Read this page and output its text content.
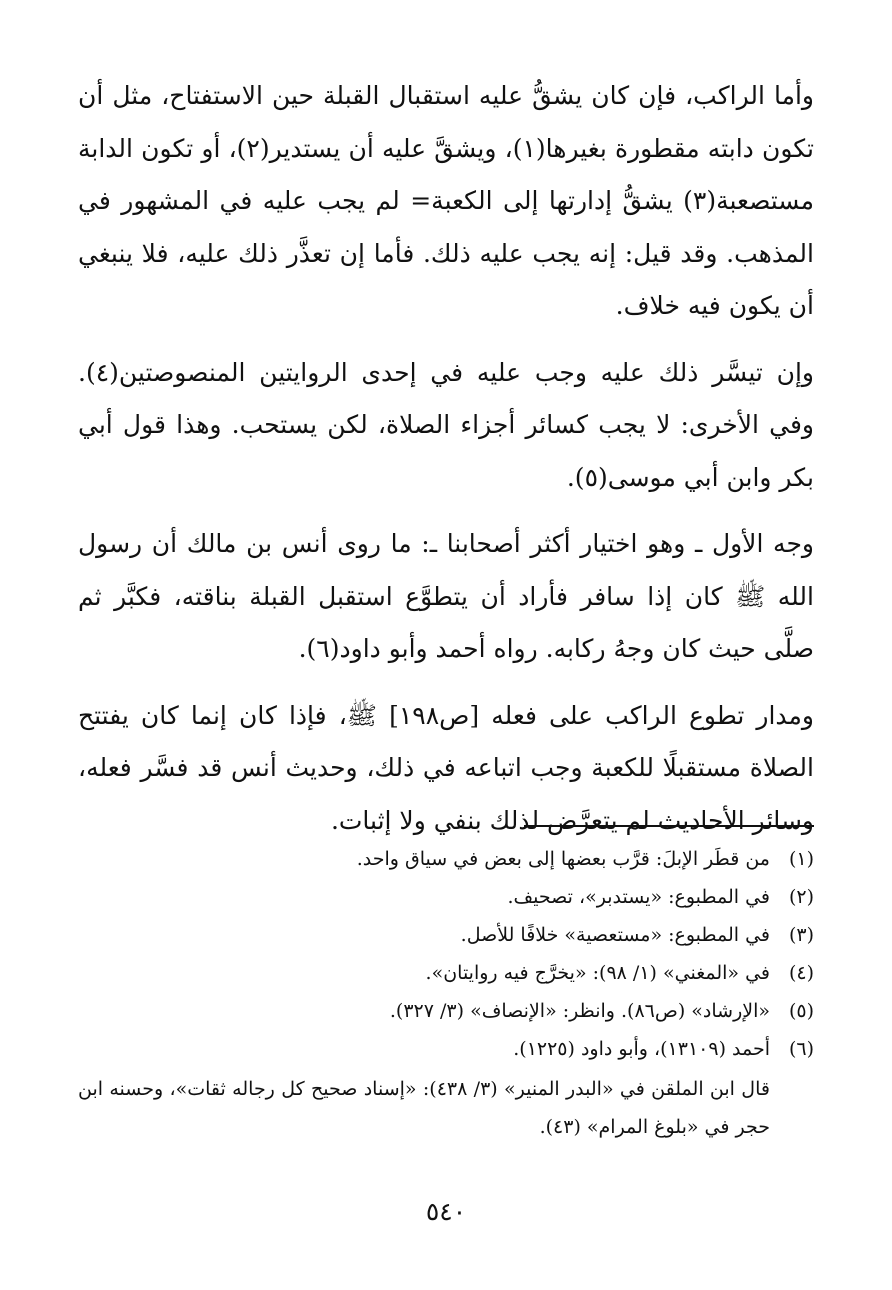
وأما الراكب، فإن كان يشقُّ عليه استقبال القبلة حين الاستفتاح، مثل أن تكون دابته مقطورة بغيرها(١)، ويشقَّ عليه أن يستدير(٢)، أو تكون الدابة مستصعبة(٣) يشقُّ إدارتها إلى الكعبة= لم يجب عليه في المشهور في المذهب. وقد قيل: إنه يجب عليه ذلك. فأما إن تعذَّر ذلك عليه، فلا ينبغي أن يكون فيه خلاف.

وإن تيسَّر ذلك عليه وجب عليه في إحدى الروايتين المنصوصتين(٤). وفي الأخرى: لا يجب كسائر أجزاء الصلاة، لكن يستحب. وهذا قول أبي بكر وابن أبي موسى(٥).

وجه الأول ـ وهو اختيار أكثر أصحابنا ـ: ما روى أنس بن مالك أن رسول الله ﷺ كان إذا سافر فأراد أن يتطوَّع استقبل القبلة بناقته، فكبَّر ثم صلَّى حيث كان وجهُ ركابه. رواه أحمد وأبو داود(٦).

ومدار تطوع الراكب على فعله [ص١٩٨] ﷺ، فإذا كان إنما كان يفتتح الصلاة مستقبلًا للكعبة وجب اتباعه في ذلك، وحديث أنس قد فسَّر فعله، وسائر الأحاديث لم يتعرَّض لذلك بنفي ولا إثبات.

(١)من قطَر الإبلَ: قرَّب بعضها إلى بعض في سياق واحد.

(٢)في المطبوع: «يستدبر»، تصحيف.

(٣)في المطبوع: «مستعصية» خلافًا للأصل.

(٤)في «المغني» (١/ ٩٨): «يخرَّج فيه روايتان».

(٥)«الإرشاد» (ص٨٦). وانظر: «الإنصاف» (٣/ ٣٢٧).

(٦)أحمد (١٣١٠٩)، وأبو داود (١٢٢٥).

قال ابن الملقن في «البدر المنير» (٣/ ٤٣٨): «إسناد صحيح كل رجاله ثقات»، وحسنه ابن حجر في «بلوغ المرام» (٤٣).

٥٤٠
